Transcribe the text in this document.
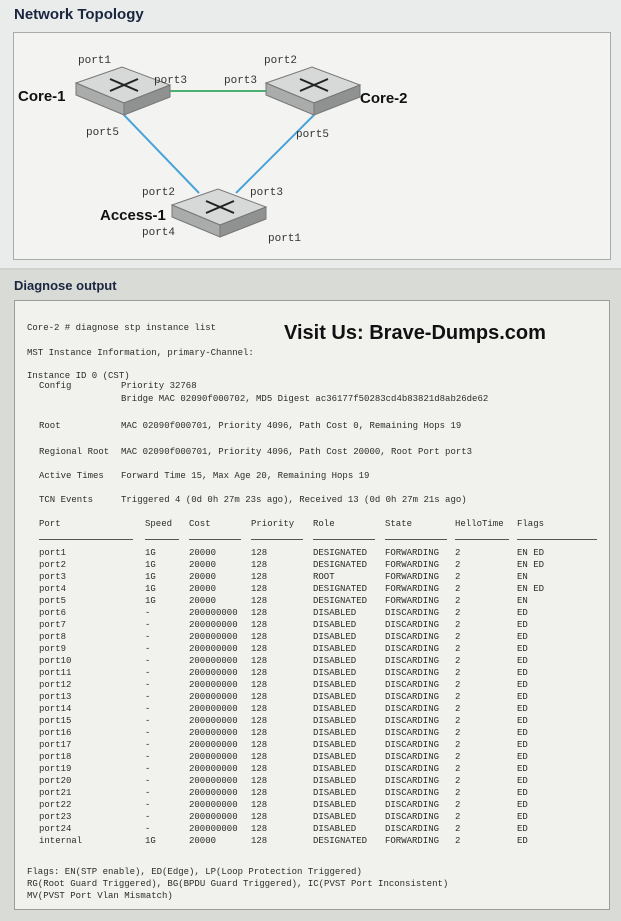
Network Topology
Core-1	Core-2
Access-1
port1
port3
port5
port2
port3
port5
port2	port3
port4	port1
Diagnose output
Core-2 # diagnose stp instance list
MST Instance Information, primary-Channel:
Instance ID 0 (CST)
Config	Priority 32768
Bridge MAC 02090f000702, MD5 Digest ac36177f50283cd4b83821d8ab26de62
Root	MAC 02090f000701, Priority 4096, Path Cost 0, Remaining Hops 19
Regional Root MAC 02090f000701, Priority 4096, Path Cost 20000, Root Port port3
Active Times Forward Time 15, Max Age 20, Remaining Hops 19
TCN Events	Triggered 4 (0d 0h 27m 23s ago), Received 13 (0d 0h 27m 21s ago)
Port	Speed Cost	Priority Role	State	HelloTime Flags
port1	1G	20000	128	DESIGNATED FORWARDING 2	EN ED
port2	1G	20000	128	DESIGNATED FORWARDING 2	EN ED
port3	1G	20000	128	ROOT	FORWARDING 2	EN
port4	1G	20000	128	DESIGNATED FORWARDING 2	EN ED
port5	1G	20000	128	DESIGNATED FORWARDING 2	EN
port6	-	200000000 128	DISABLED	DISCARDING 2	ED
port7	-	200000000 128	DISABLED	DISCARDING 2	ED
port8	-	200000000 128	DISABLED	DISCARDING 2	ED
port9	-	200000000 128	DISABLED	DISCARDING 2	ED
port10	-	200000000 128	DISABLED	DISCARDING 2	ED
port11	-	200000000 128	DISABLED	DISCARDING 2	ED
port12	-	200000000 128	DISABLED	DISCARDING 2	ED
port13	-	200000000 128	DISABLED	DISCARDING 2	ED
port14	-	200000000 128	DISABLED	DISCARDING 2	ED
port15	-	200000000 128	DISABLED	DISCARDING 2	ED
port16	-	200000000 128	DISABLED	DISCARDING 2	ED
port17	-	200000000 128	DISABLED	DISCARDING 2	ED
port18	-	200000000 128	DISABLED	DISCARDING 2	ED
port19	-	200000000 128	DISABLED	DISCARDING 2	ED
port20	-	200000000 128	DISABLED	DISCARDING 2	ED
port21	-	200000000 128	DISABLED	DISCARDING 2	ED
port22	-	200000000 128	DISABLED	DISCARDING 2	ED
port23	-	200000000 128	DISABLED	DISCARDING 2	ED
port24	-	200000000 128	DISABLED	DISCARDING 2	ED
internal	1G	20000	128	DESIGNATED FORWARDING 2	ED
Flags: EN(STP enable), ED(Edge), LP(Loop Protection Triggered)
RG(Root Guard Triggered), BG(BPDU Guard Triggered), IC(PVST Port Inconsistent)
MV(PVST Port Vlan Mismatch)
Visit Us: Brave-Dumps.com
